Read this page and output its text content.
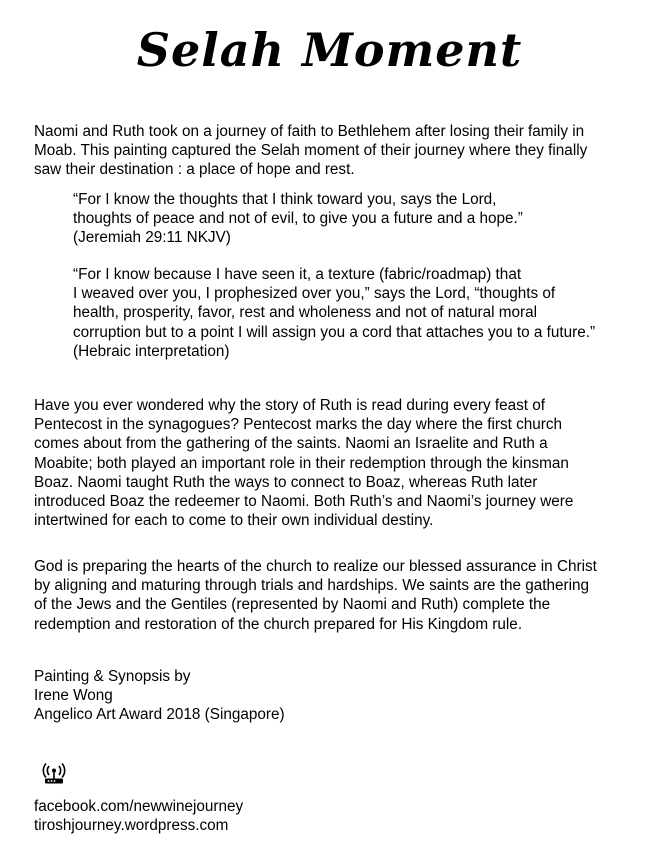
Selah Moment
Naomi and Ruth took on a journey of faith to Bethlehem after losing their family in
Moab. This painting captured the Selah moment of their journey where they finally
saw their destination : a place of hope and rest.
“For I know the thoughts that I think toward you, says the Lord,
thoughts of peace and not of evil, to give you a future and a hope.”
(Jeremiah 29:11 NKJV)
“For I know because I have seen it, a texture (fabric/roadmap) that
I weaved over you, I prophesized over you,” says the Lord, “thoughts of
health, prosperity, favor, rest and wholeness and not of natural moral
corruption but to a point I will assign you a cord that attaches you to a future.”
(Hebraic interpretation)
Have you ever wondered why the story of Ruth is read during every feast of
Pentecost in the synagogues? Pentecost marks the day where the first church
comes about from the gathering of the saints. Naomi an Israelite and Ruth a
Moabite; both played an important role in their redemption through the kinsman
Boaz. Naomi taught Ruth the ways to connect to Boaz, whereas Ruth later
introduced Boaz the redeemer to Naomi. Both Ruth’s and Naomi’s journey were
intertwined for each to come to their own individual destiny.
God is preparing the hearts of the church to realize our blessed assurance in Christ
by aligning and maturing through trials and hardships. We saints are the gathering
of the Jews and the Gentiles (represented by Naomi and Ruth) complete the
redemption and restoration of the church prepared for His Kingdom rule.
Painting & Synopsis by
Irene Wong
Angelico Art Award 2018 (Singapore)
facebook.com/newwinejourney
tiroshjourney.wordpress.com
